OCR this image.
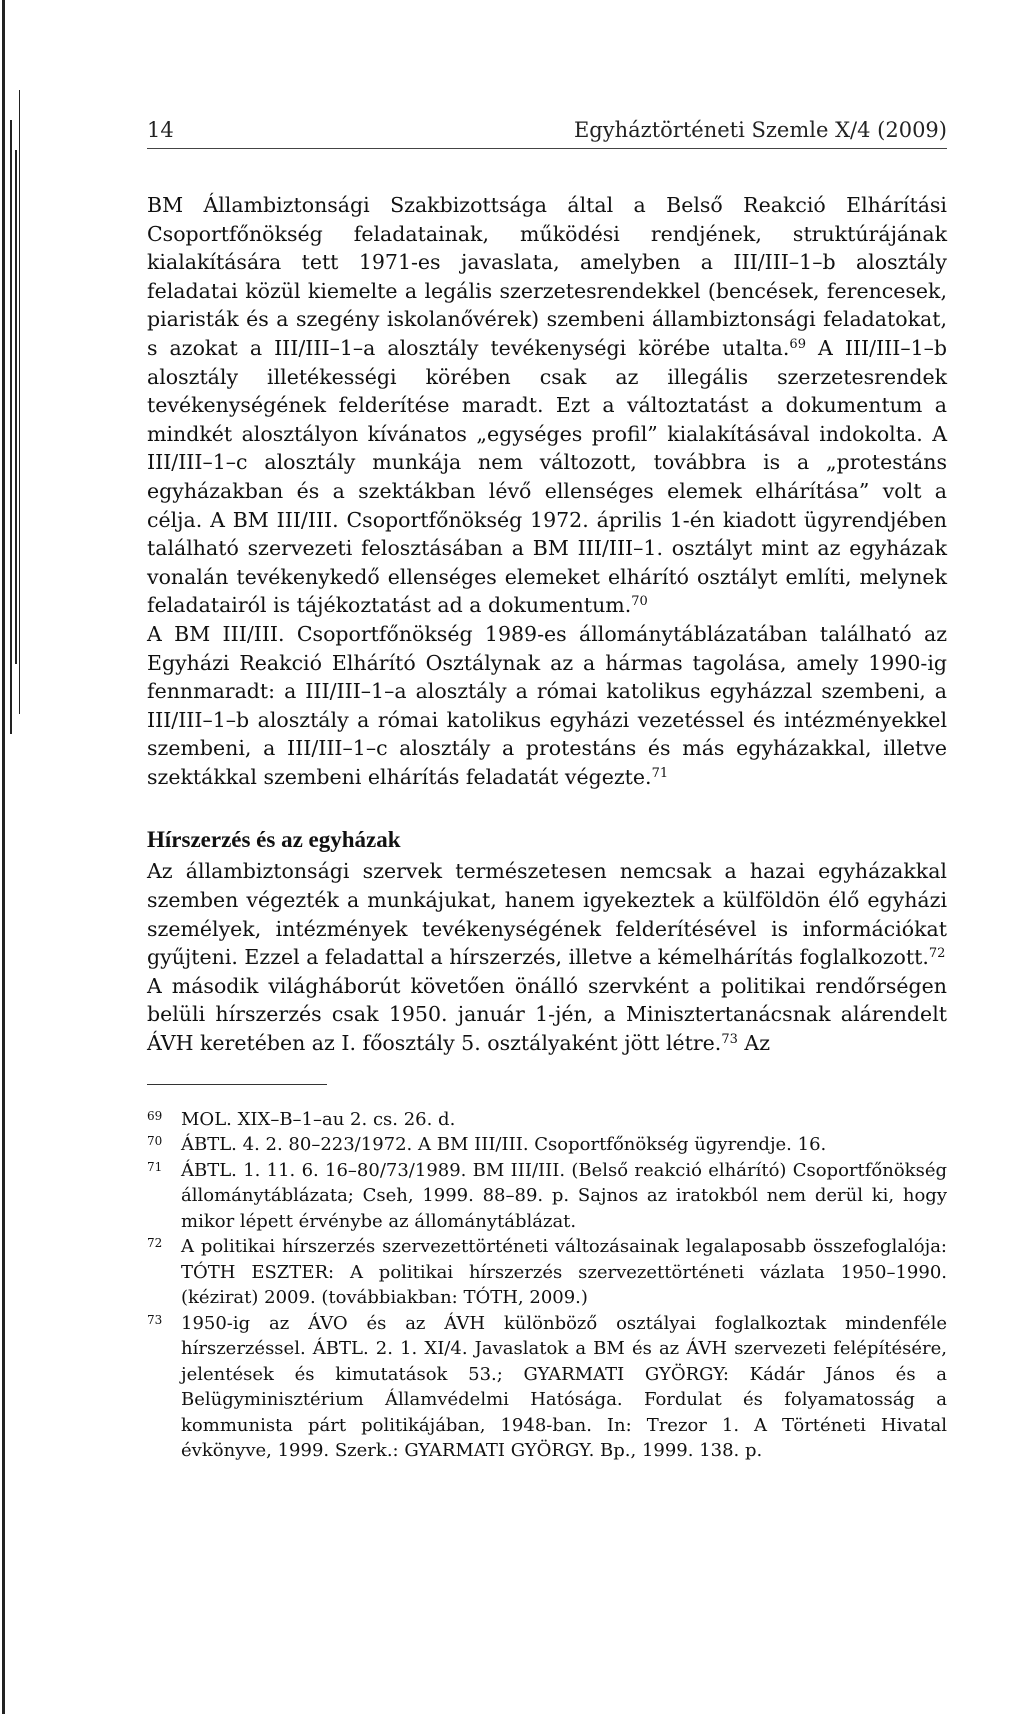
14	Egyháztörténeti Szemle X/4 (2009)

BM Állambiztonsági Szakbizottsága által a Belső Reakció Elhárítási Csoportfőnökség feladatainak, működési rendjének, struktúrájának kialakítására tett 1971-es javaslata, amelyben a III/III–1–b alosztály feladatai közül kiemelte a legális szerzetesrendekkel (bencések, ferencesek, piaristák és a szegény iskolanővérek) szembeni állambiztonsági feladatokat, s azokat a III/III–1–a alosztály tevékenységi körébe utalta.$^{69}$ A III/III–1–b alosztály illetékességi körében csak az illegális szerzetesrendek tevékenységének felderítése maradt. Ezt a változtatást a dokumentum a mindkét alosztályon kívánatos „egységes profil” kialakításával indokolta. A III/III–1–c alosztály munkája nem változott, továbbra is a „protestáns egyházakban és a szektákban lévő ellenséges elemek elhárítása” volt a célja. A BM III/III. Csoportfőnökség 1972. április 1-én kiadott ügyrendjében található szervezeti felosztásában a BM III/III–1. osztályt mint az egyházak vonalán tevékenykedő ellenséges elemeket elhárító osztályt említi, melynek feladatairól is tájékoztatást ad a dokumentum.$^{70}$

A BM III/III. Csoportfőnökség 1989-es állománytáblázatában található az Egyházi Reakció Elhárító Osztálynak az a hármas tagolása, amely 1990-ig fennmaradt: a III/III–1–a alosztály a római katolikus egyházzal szembeni, a III/III–1–b alosztály a római katolikus egyházi vezetéssel és intézményekkel szembeni, a III/III–1–c alosztály a protestáns és más egyházakkal, illetve szektákkal szembeni elhárítás feladatát végezte.$^{71}$

Hírszerzés és az egyházak

Az állambiztonsági szervek természetesen nemcsak a hazai egyházakkal szemben végezték a munkájukat, hanem igyekeztek a külföldön élő egyházi személyek, intézmények tevékenységének felderítésével is információkat gyűjteni. Ezzel a feladattal a hírszerzés, illetve a kémelhárítás foglalkozott.$^{72}$

A második világháborút követően önálló szervként a politikai rendőrségen belüli hírszerzés csak 1950. január 1-jén, a Minisztertanácsnak alárendelt ÁVH keretében az I. főosztály 5. osztályaként jött létre.$^{73}$ Az

69	MOL. XIX–B–1–au 2. cs. 26. d.
70	ÁBTL. 4. 2. 80–223/1972. A BM III/III. Csoportfőnökség ügyrendje. 16.
71	ÁBTL. 1. 11. 6. 16–80/73/1989. BM III/III. (Belső reakció elhárító) Csoportfőnökség állománytáblázata; Cseh, 1999. 88–89. p. Sajnos az iratokból nem derül ki, hogy mikor lépett érvénybe az állománytáblázat.
72	A politikai hírszerzés szervezettörténeti változásainak legalaposabb összefoglalója: TÓTH ESZTER: A politikai hírszerzés szervezettörténeti vázlata 1950–1990. (kézirat) 2009. (továbbiakban: TÓTH, 2009.)
73	1950-ig az ÁVO és az ÁVH különböző osztályai foglalkoztak mindenféle hírszerzéssel. ÁBTL. 2. 1. XI/4. Javaslatok a BM és az ÁVH szervezeti felépítésére, jelentések és kimutatások 53.; GYARMATI GYÖRGY: Kádár János és a Belügyminisztérium Államvédelmi Hatósága. Fordulat és folyamatosság a kommunista párt politikájában, 1948-ban. In: Trezor 1. A Történeti Hivatal évkönyve, 1999. Szerk.: GYARMATI GYÖRGY. Bp., 1999. 138. p.
